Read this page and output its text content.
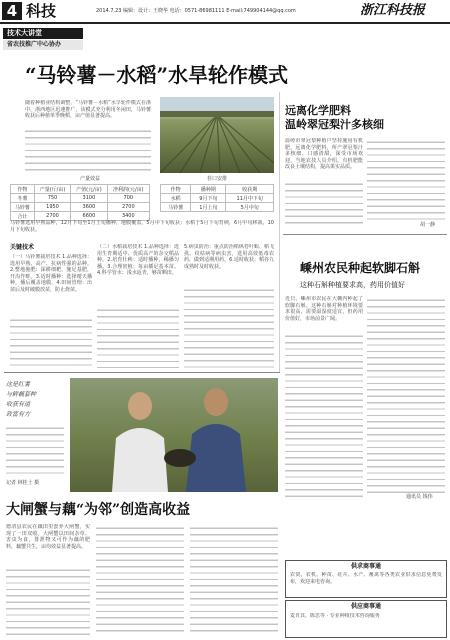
4 科技	2014.7.23 编辑：设计：王晓华 电话：0571-86981111 E-mail:749904144@qq.com	浙江科技报
技术大讲堂
省农技推广中心协办
“马铃薯－水稻”水旱轮作模式
随着种植业结构调整，“马铃薯－水稻”水旱轮作模式在浙中、浙西地区迅速推广，该模式充分利用冬闲田，马铃薯收获后种植单季晚稻，亩产值显著提高。
产量效益
作物	产量(斤/亩)	产值(元/亩)	净利润(元/亩)
冬薯	750	3100	700
马铃薯	1950	3600	2700
合计	2700	6600	3400
茬口安排
作物	播种期	收获期
水稻	9月下旬	11月中下旬
马铃薯	1月上旬	5月中旬
马铃薯选用早熟品种，12月下旬至1月上旬播种，地膜覆盖，5月中下旬收获；水稻于5月下旬育秧，6月中旬移栽，10月下旬收获。
关键技术
（一）马铃薯栽培技术 1.品种选择：选用早熟、高产、抗病性强的品种。2.整地施肥：深耕细耙，施足基肥，开沟作畦。3.适时播种：选择晴天播种，播后覆盖地膜。4.田间管理：出苗后及时破膜放苗，防止烧苗。
（二）水稻栽培技术 1.品种选择：选用生育期适中、优质高产的杂交稻品种。2.培育壮秧：适时播种，稀播匀播。3.合理密植：每亩插足基本苗。4.科学管水：浅水返青，够苗晒田。
5.病虫防治：重点防治稻纵卷叶螟、稻飞虱、纹枯病等病虫害，选用高效低毒农药，做到适期用药。6.适时收获：稻谷九成熟时及时收获。
远离化学肥料
温岭翠冠梨汁多核细
温岭市翠冠梨种植户坚持施用有机肥，远离化学肥料，所产翠冠梨汁多核细、口感清甜，深受市场欢迎。当地农技人员介绍，有机肥能改良土壤结构，提高果实品质。
胡一静
嵊州农民种起软脚石斛
这种石斛种植要求高，药用价值好
近日，嵊州市农民在大棚内种起了软脚石斛。这种石斛对种植环境要求很高，需要温湿度适宜，但药用价值好，市场前景广阔。
通讯员 钱伟
这是红薯
与鲜藕套种
收获有道
致富有方
记者 林桂土 摄
大闸蟹与藕“为邻”创造高收益
德清县农民在藕田里套养大闸蟹，实现了一田双收。大闸蟹以田间杂草、害虫为食，排泄物又可作为藕的肥料，藕蟹共生，亩均效益显著提高。
供求商事通
农资、农机、种苗、花卉、水产、畜禽等各类农业供求信息免费发布，欢迎来电咨询。
供应商事通
麦肯其、陈思等 · 专业种植技术咨询服务
